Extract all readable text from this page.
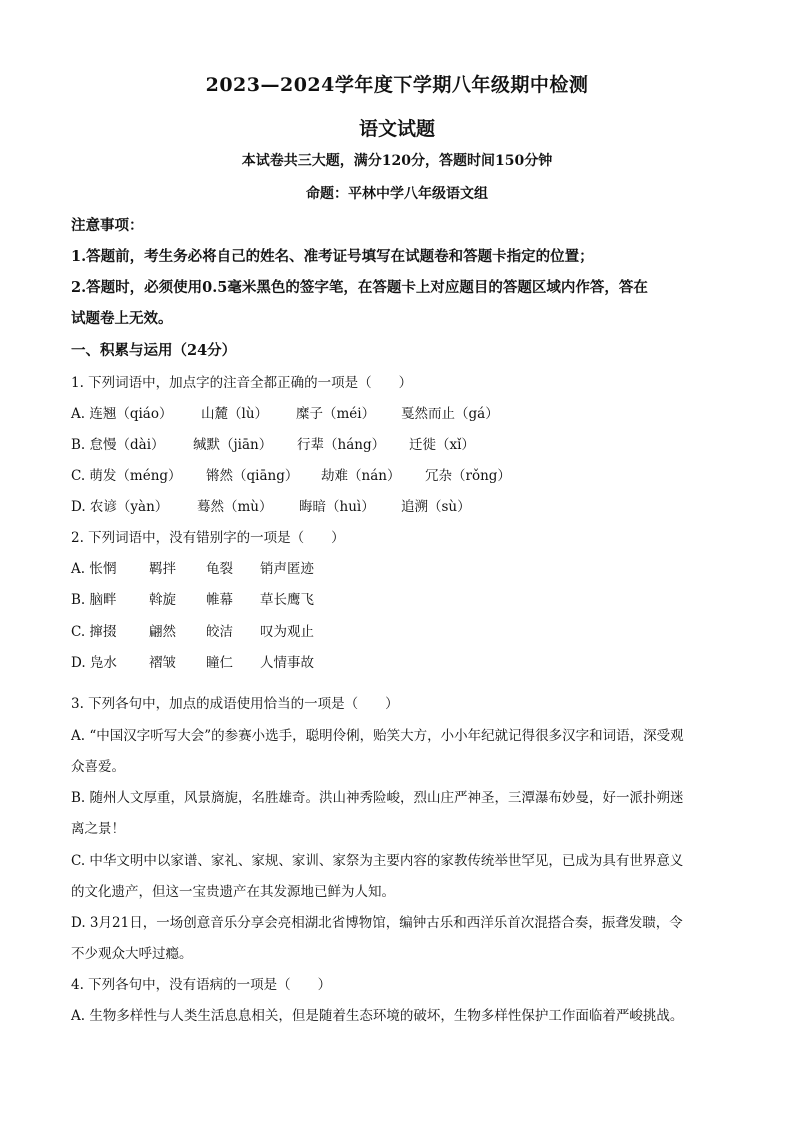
2023—2024学年度下学期八年级期中检测
语文试题
本试卷共三大题，满分120分，答题时间150分钟
命题：平林中学八年级语文组
注意事项：
1.答题前，考生务必将自己的姓名、准考证号填写在试题卷和答题卡指定的位置；
2.答题时，必须使用0.5毫米黑色的签字笔，在答题卡上对应题目的答题区域内作答，答在
试题卷上无效。
一、积累与运用（24分）
1. 下列词语中，加点字的注音全都正确的一项是（　　）
A. 连翘（qiáo） 山麓（lù） 糜子（méi） 戛然而止（gá）
B. 怠慢（dài） 缄默（jiān） 行辈（háng） 迁徙（xǐ）
C. 萌发（méng） 锵然（qiāng） 劫难（nán） 冗杂（rǒng）
D. 农谚（yàn） 蓦然（mù） 晦暗（huì） 追溯（sù）
2. 下列词语中，没有错别字的一项是（　　）
A. 怅惘 羁拌 龟裂 销声匿迹
B. 脑畔 斡旋 帷幕 草长鹰飞
C. 撺掇 翩然 皎洁 叹为观止
D. 凫水 褶皱 瞳仁 人情事故
3. 下列各句中，加点的成语使用恰当的一项是（　　）
A. “中国汉字听写大会”的参赛小选手，聪明伶俐，贻笑大方，小小年纪就记得很多汉字和词语，深受观
众喜爱。
B. 随州人文厚重，风景旖旎，名胜雄奇。洪山神秀险峻，烈山庄严神圣，三潭瀑布妙曼，好一派扑朔迷
离之景！
C. 中华文明中以家谱、家礼、家规、家训、家祭为主要内容的家教传统举世罕见，已成为具有世界意义
的文化遗产，但这一宝贵遗产在其发源地已鲜为人知。
D. 3月21日，一场创意音乐分享会亮相湖北省博物馆，编钟古乐和西洋乐首次混搭合奏，振聋发聩，令
不少观众大呼过瘾。
4. 下列各句中，没有语病的一项是（　　）
A. 生物多样性与人类生活息息相关，但是随着生态环境的破坏，生物多样性保护工作面临着严峻挑战。
